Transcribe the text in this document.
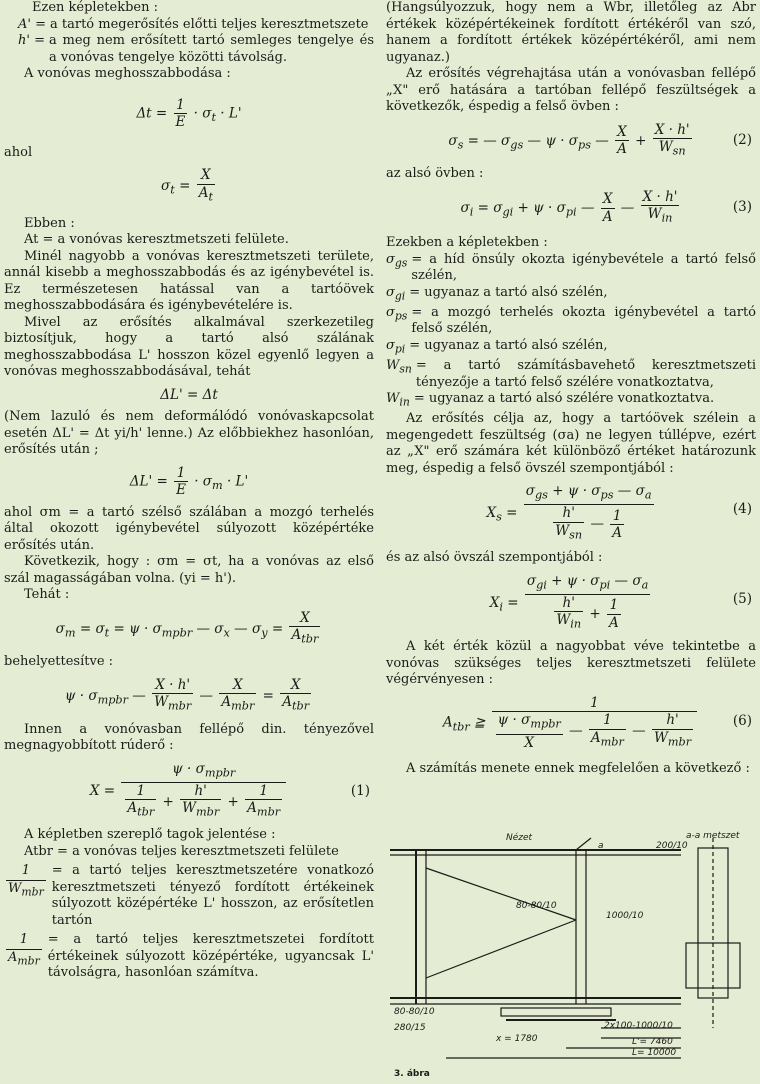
Ezen képletekben :

A' = a tartó megerősítés előtti teljes keresztmetszete
h' = a meg nem erősített tartó semleges tengelye és a vonóvas tengelye közötti távolság.

A vonóvas meghosszabbodása :

$\Delta t = \frac{1}{E} \cdot \sigma_t \cdot L'$

ahol

$\sigma_t = \frac{X}{A_t}$

Ebben :

At = a vonóvas keresztmetszeti felülete.

Minél nagyobb a vonóvas keresztmetszeti területe, annál kisebb a meghosszabbodás és az igénybevétel is. Ez természetesen hatással van a tartóövek meghosszabbodására és igénybevételére is.

Mivel az erősítés alkalmával szerkezetileg biztosítjuk, hogy a tartó alsó szálának meghosszabbodása L' hosszon közel egyenlő legyen a vonóvas meghosszabbodásával, tehát

ΔL' = Δt

(Nem lazuló és nem deformálódó vonóvaskapcsolat esetén ΔL' = Δt yi/h' lenne.) Az előbbiekhez hasonlóan, erősítés után ;

$\Delta L' = \frac{1}{E} \cdot \sigma_m \cdot L'$

ahol σm = a tartó szélső szálában a mozgó terhelés által okozott igénybevétel súlyozott középértéke erősítés után.

Következik, hogy : σm = σt, ha a vonóvas az első szál magasságában volna. (yi = h').

Tehát :

$\sigma_m = \sigma_t = \psi \cdot \sigma_{mpbr}$ — $\sigma_x$ — $\sigma_y = \frac{X}{A_{tbr}}$

behelyettesítve :

$\psi \cdot \sigma_{mpbr}$ — $\frac{X \cdot h'}{W_{mbr}}$ — $\frac{X}{A_{mbr}} = \frac{X}{A_{tbr}}$

Innen a vonóvasban fellépő din. tényezővel megnagyobbított rúderő :

$X = \frac{\psi \cdot \sigma_{mpbr}}{\frac{1}{A_{tbr}} + \frac{h'}{W_{mbr}} + \frac{1}{A_{mbr}}}$	(1)

A képletben szereplő tagok jelentése :

Atbr = a vonóvas teljes keresztmetszeti felülete

$\frac{1}{W_{mbr}} = a$ tartó teljes keresztmetszetére vonatkozó keresztmetszeti tényező fordított értékeinek súlyozott középértéke L' hosszon, az erősítetlen tartón
$\frac{1}{A_{mbr}} = a$ tartó teljes keresztmetszetei fordított értékeinek súlyozott középértéke, ugyancsak L' távolságra, hasonlóan számítva.

(Hangsúlyozzuk, hogy nem a Wbr, illetőleg az Abr értékek középértékeinek fordított értékéről van szó, hanem a fordított értékek középértékéről, ami nem ugyanaz.)

Az erősítés végrehajtása után a vonóvasban fellépő „X" erő hatására a tartóban fellépő feszültségek a következők, éspedig a felső övben :

$\sigma_s$ = — $\sigma_{gs}$ — $\psi \cdot \sigma_{ps}$ — $\frac{X}{A} + \frac{X \cdot h'}{W_{sn}}$	(2)

az alsó övben :

$\sigma_i = \sigma_{gi} + \psi \cdot \sigma_{pi}$ — $\frac{X}{A}$ — $\frac{X \cdot h'}{W_{in}}$	(3)

Ezekben a képletekben :

$\sigma_{gs} = a$ híd önsúly okozta igénybevétele a tartó felső szélén,
$\sigma_{gi}$ = ugyanaz a tartó alsó szélén,
$\sigma_{ps} = a$ mozgó terhelés okozta igénybevétel a tartó felső szélén,
$\sigma_{pi}$ = ugyanaz a tartó alsó szélén,
$W_{sn} = a$ tartó számításbavehető keresztmetszeti tényezője a tartó felső szélére vonatkoztatva,
$W_{in}$ = ugyanaz a tartó alsó szélére vonatkoztatva.

Az erősítés célja az, hogy a tartóövek szélein a megengedett feszültség (σa) ne legyen túllépve, ezért az „X" erő számára két különböző értéket határozunk meg, éspedig a felső övszél szempontjából :

$X_s = \frac{\sigma_{gs} + \psi \cdot \sigma_{ps} — \sigma_a}{\frac{h'}{W_{sn}} — \frac{1}{A}}$	(4)

és az alsó övszál szempontjából :

$X_i = \frac{\sigma_{gi} + \psi \cdot \sigma_{pi} — \sigma_a}{\frac{h'}{W_{in}} + \frac{1}{A}}$	(5)

A két érték közül a nagyobbat véve tekintetbe a vonóvas szükséges teljes keresztmetszeti felülete végérvényesen :

$A_{tbr}$ ≧ $\frac{1}{\frac{\psi \cdot \sigma_{mpbr}}{X} — \frac{1}{A_{mbr}} — \frac{h'}{W_{mbr}}}$	(6)

A számítás menete ennek megfelelően a következő :

Nézet	a-a metszet
a	200/10
80-80/10
1000/10
80-80/10
280/15	2x100-1000/10
L'= 7460
L= 10000
x = 1780
3. ábra
